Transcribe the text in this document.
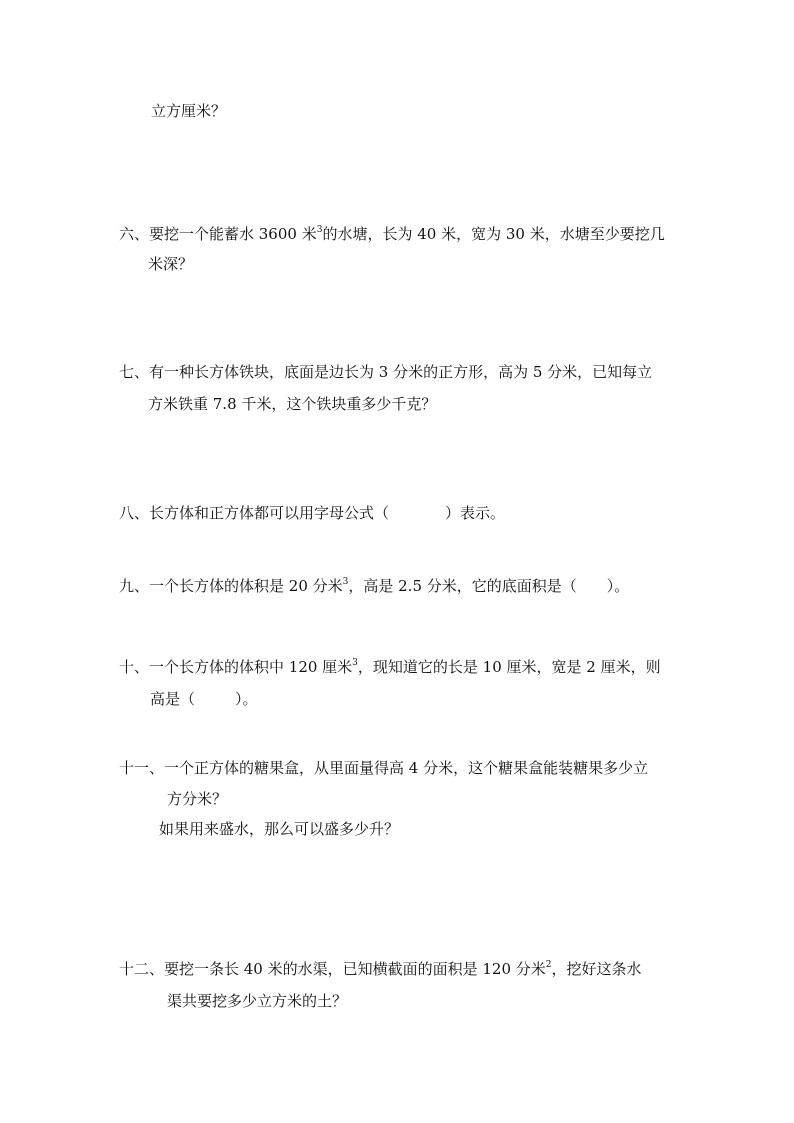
立方厘米？
六、要挖一个能蓄水 3600 米$^3$的水塘，长为 40 米，宽为 30 米，水塘至少要挖几
米深？
七、有一种长方体铁块，底面是边长为 3 分米的正方形，高为 5 分米，已知每立
方米铁重 7.8 千米，这个铁块重多少千克？
八、长方体和正方体都可以用字母公式（	）表示。
九、一个长方体的体积是 20 分米$^3$，高是 2.5 分米，它的底面积是（ ）。
十、一个长方体的体积中 120 厘米$^3$，现知道它的长是 10 厘米，宽是 2 厘米，则
高是（	）。
十一、一个正方体的糖果盒，从里面量得高 4 分米，这个糖果盒能装糖果多少立
方分米？
如果用来盛水，那么可以盛多少升？
十二、要挖一条长 40 米的水渠，已知横截面的面积是 120 分米$^2$，挖好这条水
渠共要挖多少立方米的土？
